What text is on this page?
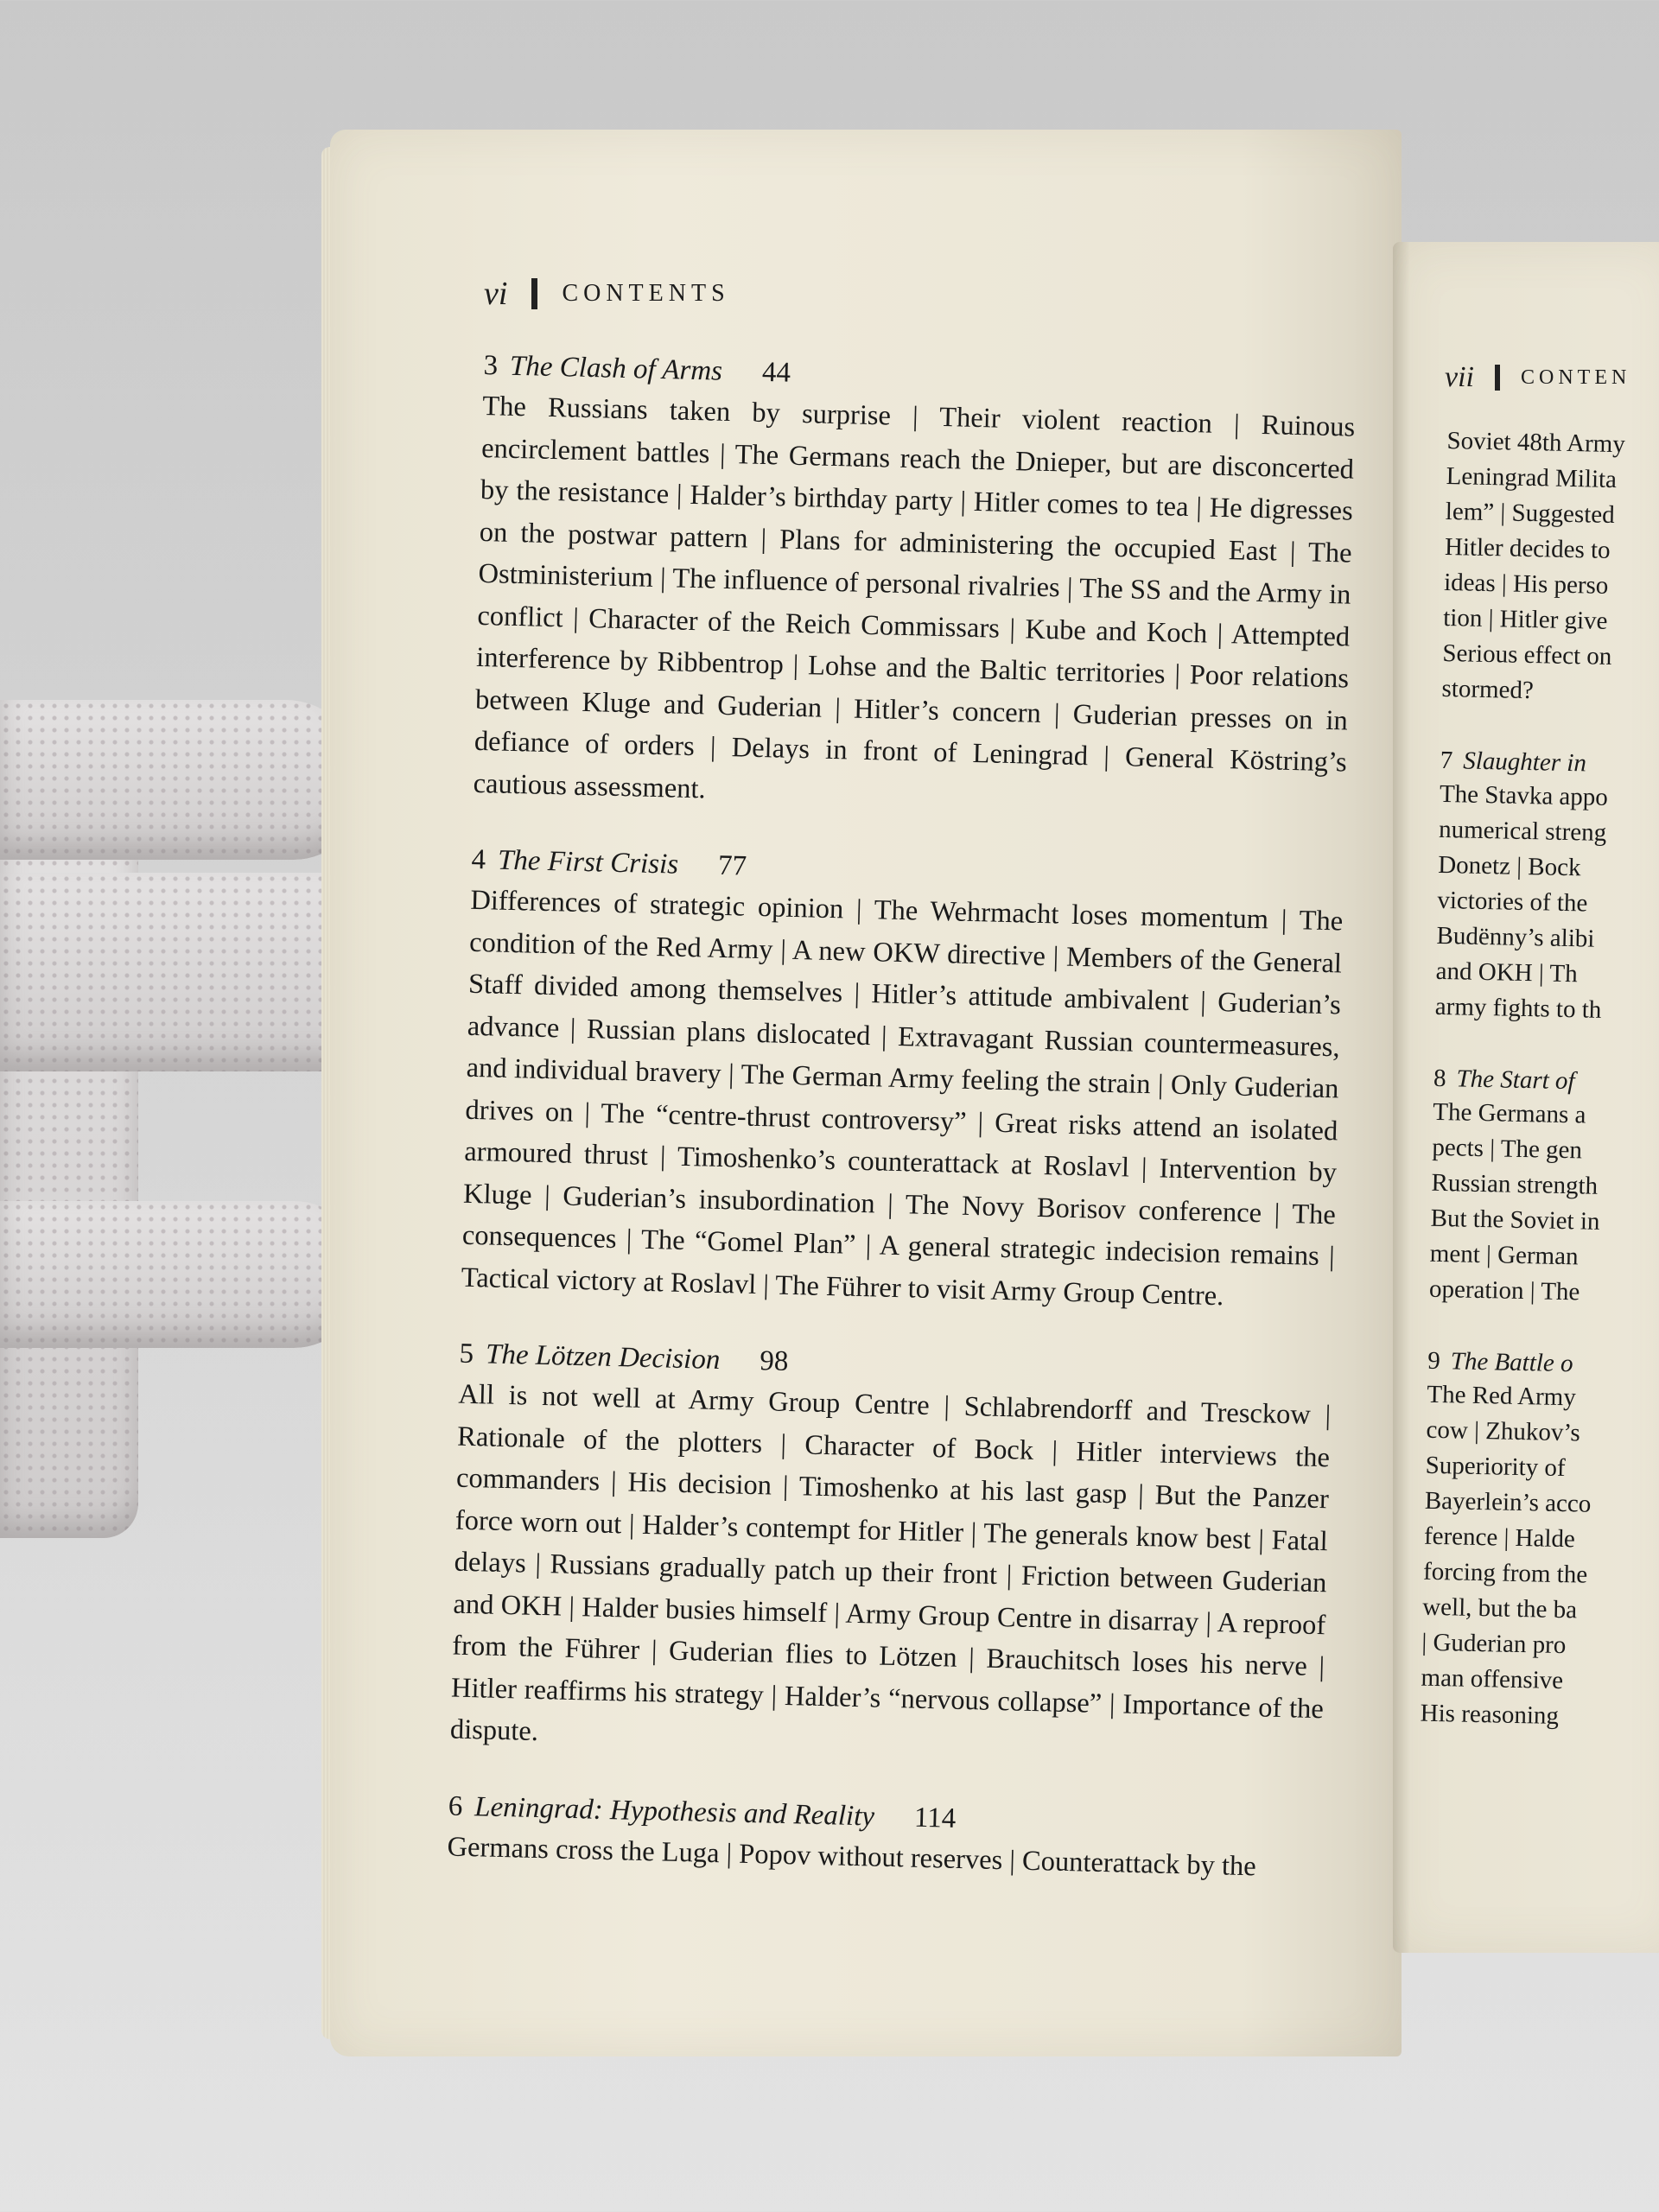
vi CONTENTS
3 The Clash of Arms 44
The Russians taken by surprise | Their violent reaction | Ruinous encirclement battles | The Germans reach the Dnieper, but are disconcerted by the resistance | Halder’s birthday party | Hitler comes to tea | He digresses on the postwar pattern | Plans for administering the occupied East | The Ostministerium | The influence of personal rivalries | The SS and the Army in conflict | Character of the Reich Commissars | Kube and Koch | Attempted interference by Ribbentrop | Lohse and the Baltic territories | Poor relations between Kluge and Guderian | Hitler’s concern | Guderian presses on in defiance of orders | Delays in front of Leningrad | General Köstring’s cautious assessment.
4 The First Crisis 77
Differences of strategic opinion | The Wehrmacht loses momentum | The condition of the Red Army | A new OKW directive | Members of the General Staff divided among themselves | Hitler’s attitude ambivalent | Guderian’s advance | Russian plans dislocated | Extravagant Russian countermeasures, and individual bravery | The German Army feeling the strain | Only Guderian drives on | The “centre-thrust controversy” | Great risks attend an isolated armoured thrust | Timoshenko’s counterattack at Roslavl | Intervention by Kluge | Guderian’s insubordination | The Novy Borisov conference | The consequences | The “Gomel Plan” | A general strategic indecision remains | Tactical victory at Roslavl | The Führer to visit Army Group Centre.
5 The Lötzen Decision 98
All is not well at Army Group Centre | Schlabrendorff and Tresckow | Rationale of the plotters | Character of Bock | Hitler interviews the commanders | His decision | Timoshenko at his last gasp | But the Panzer force worn out | Halder’s contempt for Hitler | The generals know best | Fatal delays | Russians gradually patch up their front | Friction between Guderian and OKH | Halder busies himself | Army Group Centre in disarray | A reproof from the Führer | Guderian flies to Lötzen | Brauchitsch loses his nerve | Hitler reaffirms his strategy | Halder’s “nervous collapse” | Importance of the dispute.
6 Leningrad: Hypothesis and Reality 114
Germans cross the Luga | Popov without reserves | Counterattack by the
vii CONTEN
Soviet 48th Army
Leningrad Milita
lem” | Suggested
Hitler decides to
ideas | His perso
tion | Hitler give
Serious effect on
stormed?
7 Slaughter in
The Stavka appo
numerical streng
Donetz | Bock
victories of the
Budënny’s alibi
and OKH | Th
army fights to th
8 The Start of
The Germans a
pects | The gen
Russian strength
But the Soviet in
ment | German
operation | The
9 The Battle o
The Red Army
cow | Zhukov’s
Superiority of
Bayerlein’s acco
ference | Halde
forcing from the
well, but the ba
| Guderian pro
man offensive
His reasoning
